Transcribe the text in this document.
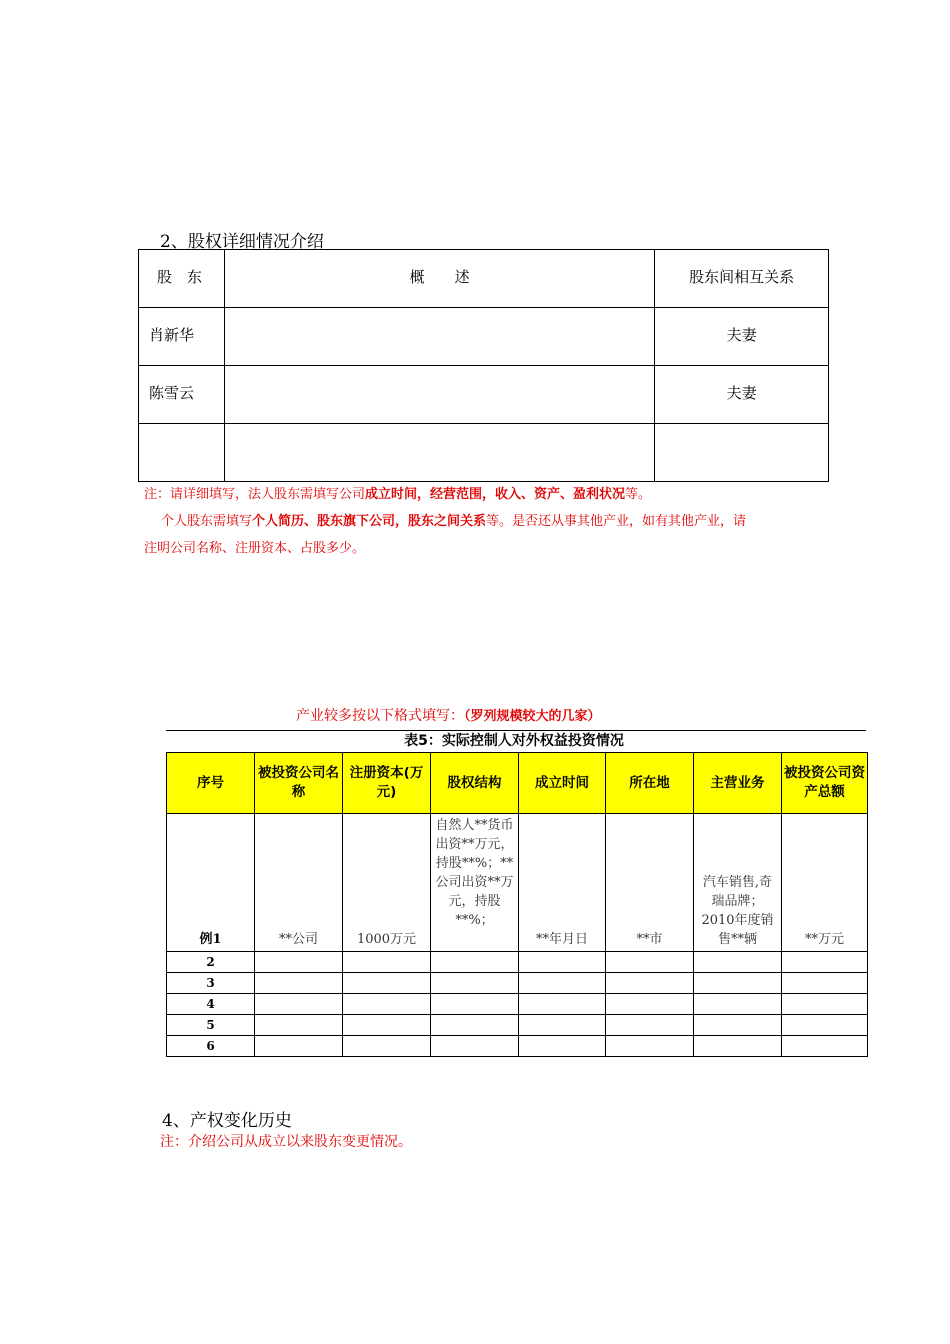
2、股权详细情况介绍
股　东	概　　述	股东间相互关系

肖新华		夫妻

陈雪云		夫妻

注：请详细填写，法人股东需填写公司成立时间，经营范围，收入、资产、盈利状况等。
个人股东需填写个人简历、股东旗下公司，股东之间关系等。是否还从事其他产业，如有其他产业，请
注明公司名称、注册资本、占股多少。
产业较多按以下格式填写：（罗列规模较大的几家）
表5：实际控制人对外权益投资情况
序号	被投资公司名称	注册资本(万元)	股权结构	成立时间	所在地	主营业务	被投资公司资产总额
例1	**公司	1000万元	自然人**货币出资**万元，持股**%；**公司出资**万元，持股**%；	**年月日	**市	汽车销售,奇瑞品牌；2010年度销售**辆	**万元
2							
3							
4							
5							
6							
4、产权变化历史
注：介绍公司从成立以来股东变更情况。
